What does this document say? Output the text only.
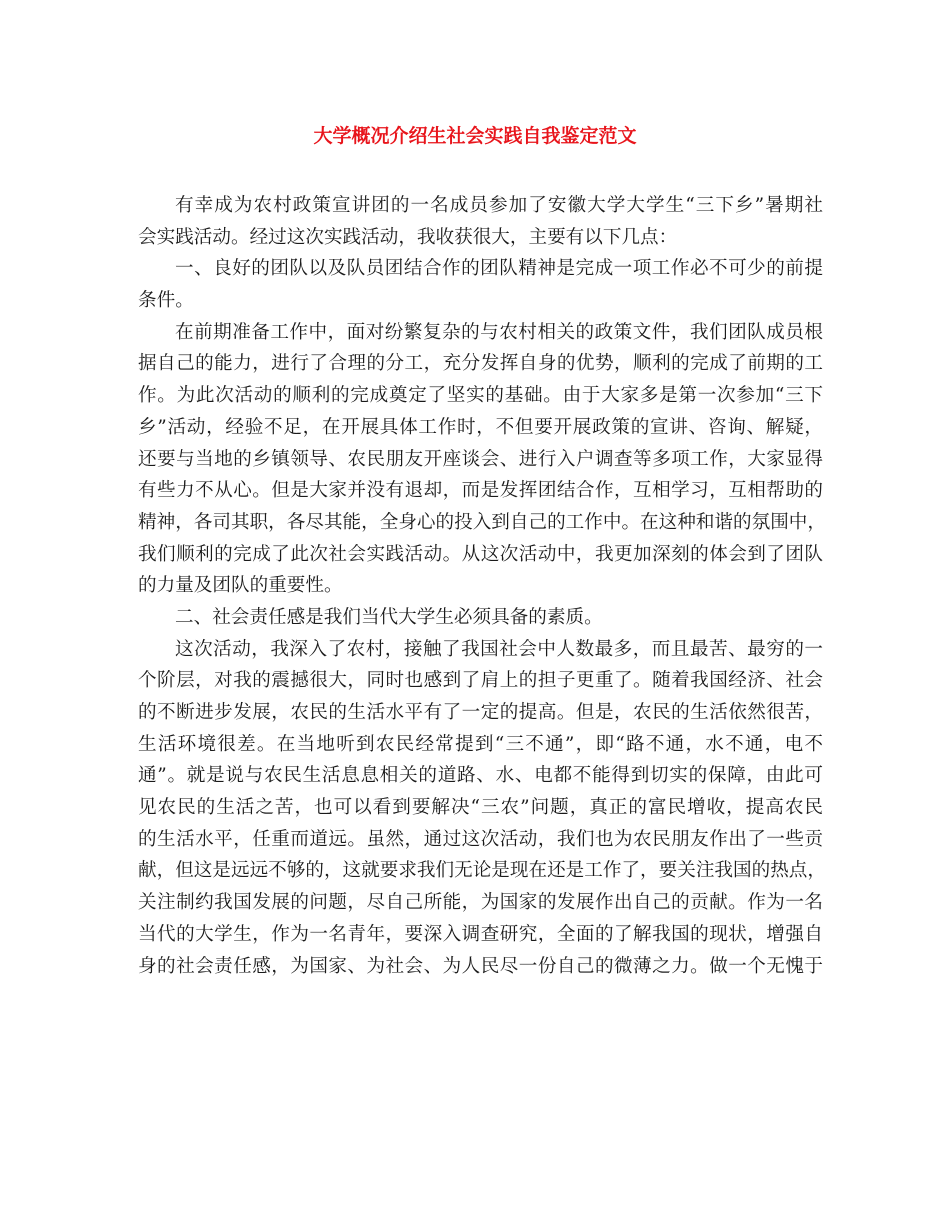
大学概况介绍生社会实践自我鉴定范文
有幸成为农村政策宣讲团的一名成员参加了安徽大学大学生“三下乡”暑期社
会实践活动。经过这次实践活动，我收获很大，主要有以下几点：
一、良好的团队以及队员团结合作的团队精神是完成一项工作必不可少的前提
条件。
在前期准备工作中，面对纷繁复杂的与农村相关的政策文件，我们团队成员根
据自己的能力，进行了合理的分工，充分发挥自身的优势，顺利的完成了前期的工
作。为此次活动的顺利的完成奠定了坚实的基础。由于大家多是第一次参加“三下
乡”活动，经验不足，在开展具体工作时，不但要开展政策的宣讲、咨询、解疑，
还要与当地的乡镇领导、农民朋友开座谈会、进行入户调查等多项工作，大家显得
有些力不从心。但是大家并没有退却，而是发挥团结合作，互相学习，互相帮助的
精神，各司其职，各尽其能，全身心的投入到自己的工作中。在这种和谐的氛围中，
我们顺利的完成了此次社会实践活动。从这次活动中，我更加深刻的体会到了团队
的力量及团队的重要性。
二、社会责任感是我们当代大学生必须具备的素质。
这次活动，我深入了农村，接触了我国社会中人数最多，而且最苦、最穷的一
个阶层，对我的震撼很大，同时也感到了肩上的担子更重了。随着我国经济、社会
的不断进步发展，农民的生活水平有了一定的提高。但是，农民的生活依然很苦，
生活环境很差。在当地听到农民经常提到“三不通”，即“路不通，水不通，电不
通”。就是说与农民生活息息相关的道路、水、电都不能得到切实的保障，由此可
见农民的生活之苦，也可以看到要解决“三农”问题，真正的富民增收，提高农民
的生活水平，任重而道远。虽然，通过这次活动，我们也为农民朋友作出了一些贡
献，但这是远远不够的，这就要求我们无论是现在还是工作了，要关注我国的热点，
关注制约我国发展的问题，尽自己所能，为国家的发展作出自己的贡献。作为一名
当代的大学生，作为一名青年，要深入调查研究，全面的了解我国的现状，增强自
身的社会责任感，为国家、为社会、为人民尽一份自己的微薄之力。做一个无愧于
